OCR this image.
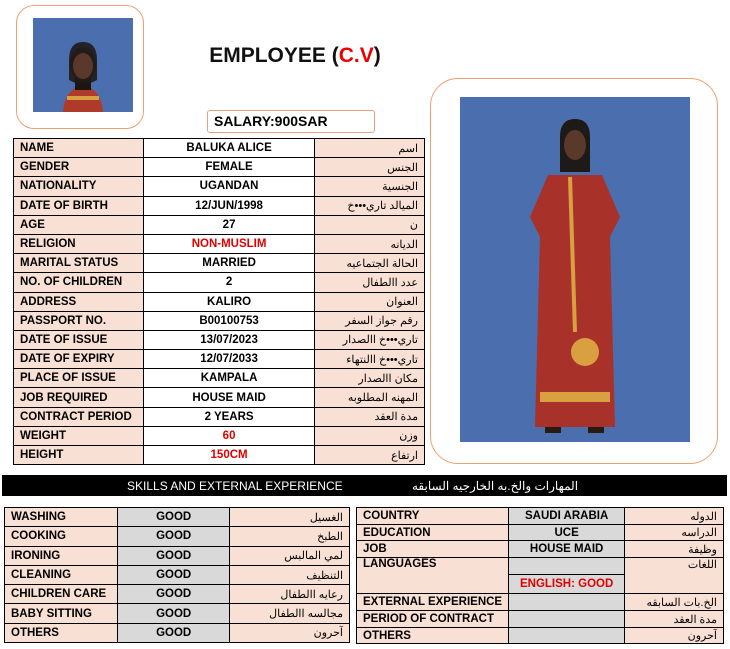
EMPLOYEE (C.V)
SALARY:900SAR
NAME	BALUKA ALICE	اسم
GENDER	FEMALE	الجنس
NATIONALITY	UGANDAN	الجنسية
DATE OF BIRTH	12/JUN/1998	الميالد تاري•••خ
AGE	27	ن
RELIGION	NON-MUSLIM	الديانه
MARITAL STATUS	MARRIED	الحالة الجتماعيه
NO. OF CHILDREN	2	عدد االطفال
ADDRESS	KALIRO	العنوان
PASSPORT NO.	B00100753	رقم جواز السفر
DATE OF ISSUE	13/07/2023	تاري•••خ االصدار
DATE OF EXPIRY	12/07/2033	تاري•••خ االنتهاء
PLACE OF ISSUE	KAMPALA	مكان االصدار
JOB REQUIRED	HOUSE MAID	المهنه المطلوبه
CONTRACT PERIOD	2 YEARS	مدة العقد
WEIGHT	60	وزن
HEIGHT	150CM	ارتفاع
SKILLS AND EXTERNAL EXPERIENCE	المهارات والخ.به الخارجيه السابقه
WASHING	GOOD	الغسيل
COOKING	GOOD	الطبخ
IRONING	GOOD	لمي المالبس
CLEANING	GOOD	التنظيف
CHILDREN CARE	GOOD	رعايه االطفال
BABY SITTING	GOOD	مجالسه االطفال
OTHERS	GOOD	آحرون
COUNTRY	SAUDI ARABIA	الدوله
EDUCATION	UCE	الدراسه
JOB	HOUSE MAID	وظيفة
LANGUAGES		اللغات
	ENGLISH: GOOD	
EXTERNAL EXPERIENCE		الخ.بات السابقه
PERIOD OF CONTRACT		مدة العقد
OTHERS		آحرون
